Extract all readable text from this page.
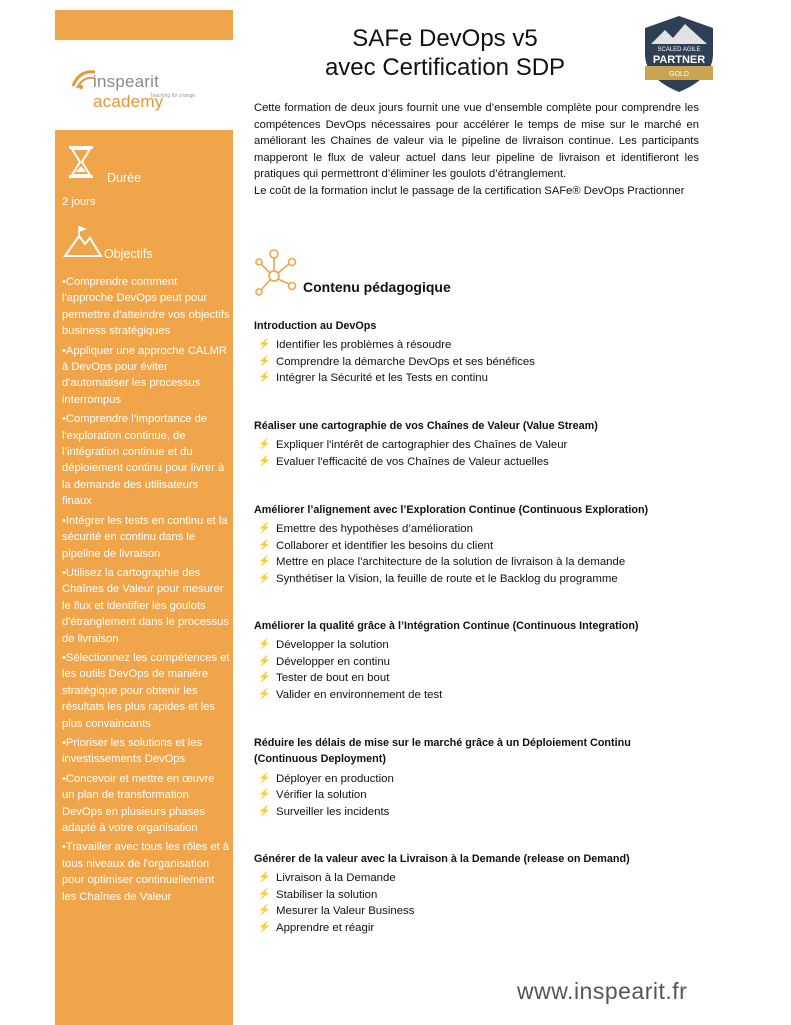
inspearit academy
Teaching for change
Durée
2 jours
Objectifs
•Comprendre comment l'approche DevOps peut pour permettre d'atteindre vos objectifs business stratégiques
•Appliquer une approche CALMR à DevOps pour éviter d'automatiser les processus interrompus
•Comprendre l’importance de l'exploration continue, de l’intégration continue et du déploiement continu pour livrer à la demande des utilisateurs finaux
•Intégrer les tests en continu et la sécurité en continu dans le pipeline de livraison
•Utilisez la cartographie des Chaînes de Valeur pour mesurer le flux et identifier les goulots d'étranglement dans le processus de livraison
•Sélectionnez les compétences et les outils DevOps de manière stratégique pour obtenir les résultats les plus rapides et les plus convaincants
•Prioriser les solutions et les investissements DevOps
•Concevoir et mettre en œuvre un plan de transformation DevOps en plusieurs phases adapté à votre organisation
•Travailler avec tous les rôles et à tous niveaux de l'organisation pour optimiser continuellement les Chaînes de Valeur
SAFe DevOps v5
avec Certification SDP
SCALED AGILE
PARTNER
GOLD

Cette formation de deux jours fournit une vue d’ensemble complète pour comprendre les compétences DevOps nécessaires pour accélérer le temps de mise sur le marché en améliorant les Chaines de valeur via le pipeline de livraison continue. Les participants mapperont le flux de valeur actuel dans leur pipeline de livraison et identifieront les pratiques qui permettront d’éliminer les goulots d’étranglement.

Le coût de la formation inclut le passage de la certification SAFe® DevOps Practionner

Contenu pédagogique
Introduction au DevOps
⚡ Identifier les problèmes à résoudre
⚡ Comprendre la démarche DevOps et ses bénéfices
⚡ Intégrer la Sécurité et les Tests en continu
Réaliser une cartographie de vos Chaînes de Valeur (Value Stream)
⚡ Expliquer l'intérêt de cartographier des Chaînes de Valeur
⚡ Evaluer l'efficacité de vos Chaînes de Valeur actuelles
Améliorer l’alignement avec l’Exploration Continue (Continuous Exploration)
⚡ Emettre des hypothèses d’amélioration
⚡ Collaborer et identifier les besoins du client
⚡ Mettre en place l'architecture de la solution de livraison à la demande
⚡ Synthétiser la Vision, la feuille de route et le Backlog du programme
Améliorer la qualité grâce à l’Intégration Continue (Continuous Integration)
⚡ Développer la solution
⚡ Développer en continu
⚡ Tester de bout en bout
⚡ Valider en environnement de test
Réduire les délais de mise sur le marché grâce à un Déploiement Continu (Continuous Deployment)
⚡ Déployer en production
⚡ Vérifier la solution
⚡ Surveiller les incidents
Générer de la valeur avec la Livraison à la Demande (release on Demand)
⚡ Livraison à la Demande
⚡ Stabiliser la solution
⚡ Mesurer la Valeur Business
⚡ Apprendre et réagir
www.inspearit.fr
